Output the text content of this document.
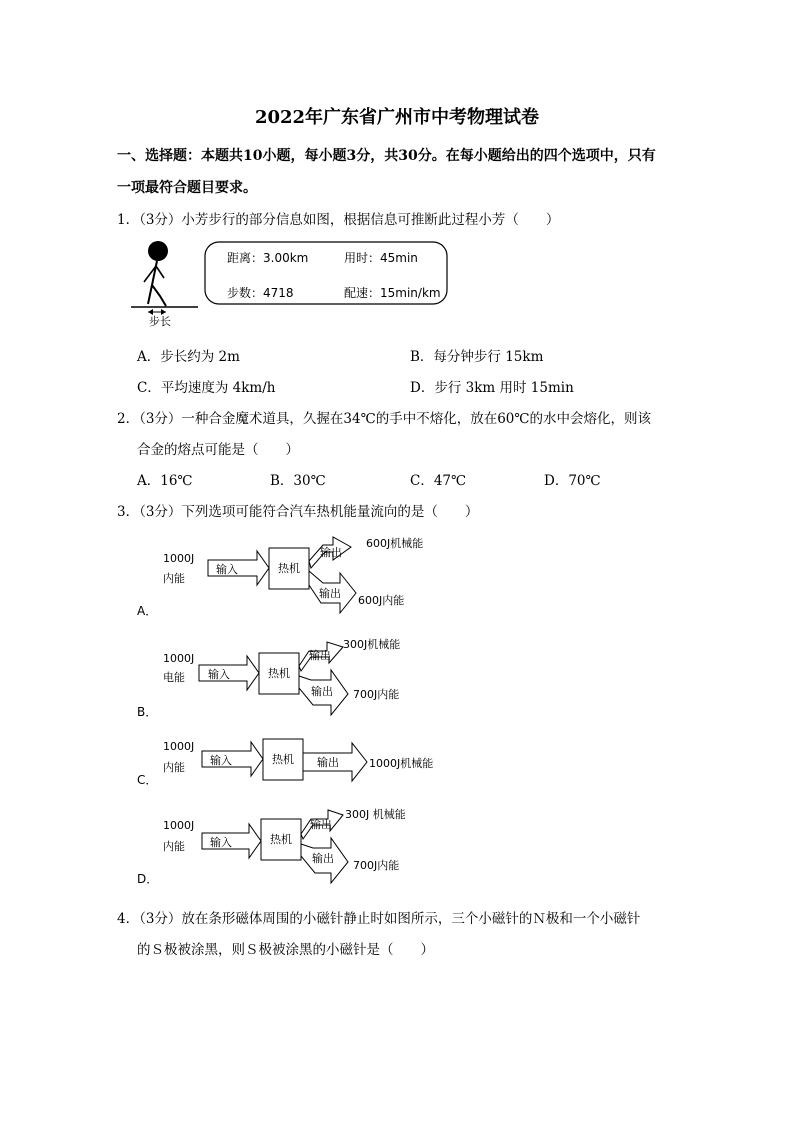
2022年广东省广州市中考物理试卷
一、选择题：本题共10小题，每小题3分，共30分。在每小题给出的四个选项中，只有
一项最符合题目要求。
1．（3分）小芳步行的部分信息如图，根据信息可推断此过程小芳（　　）
步长
距离：3.00km	用时：45min
步数：4718	配速：15min/km
A．步长约为 2m	B．每分钟步行 15km
C．平均速度为 4km/h	D．步行 3km 用时 15min
2．（3分）一种合金魔术道具，久握在34℃的手中不熔化，放在60℃的水中会熔化，则该
合金的熔点可能是（　　）
A．16℃	B．30℃	C．47℃	D．70℃
3．（3分）下列选项可能符合汽车热机能量流向的是（　　）
1000J
内能
输入	热机
输出
输出
600J机械能
600J内能
A．
1000J
电能 输入	热机
输出
输出
300J机械能
700J内能
B．
1000J
内能
输入	热机 输出	1000J机械能
C．
1000J
内能 输入	热机
输出
输出
300J 机械能
700J内能
D．
4．（3分）放在条形磁体周围的小磁针静止时如图所示，三个小磁针的Ｎ极和一个小磁针
的Ｓ极被涂黑，则Ｓ极被涂黑的小磁针是（　　）
